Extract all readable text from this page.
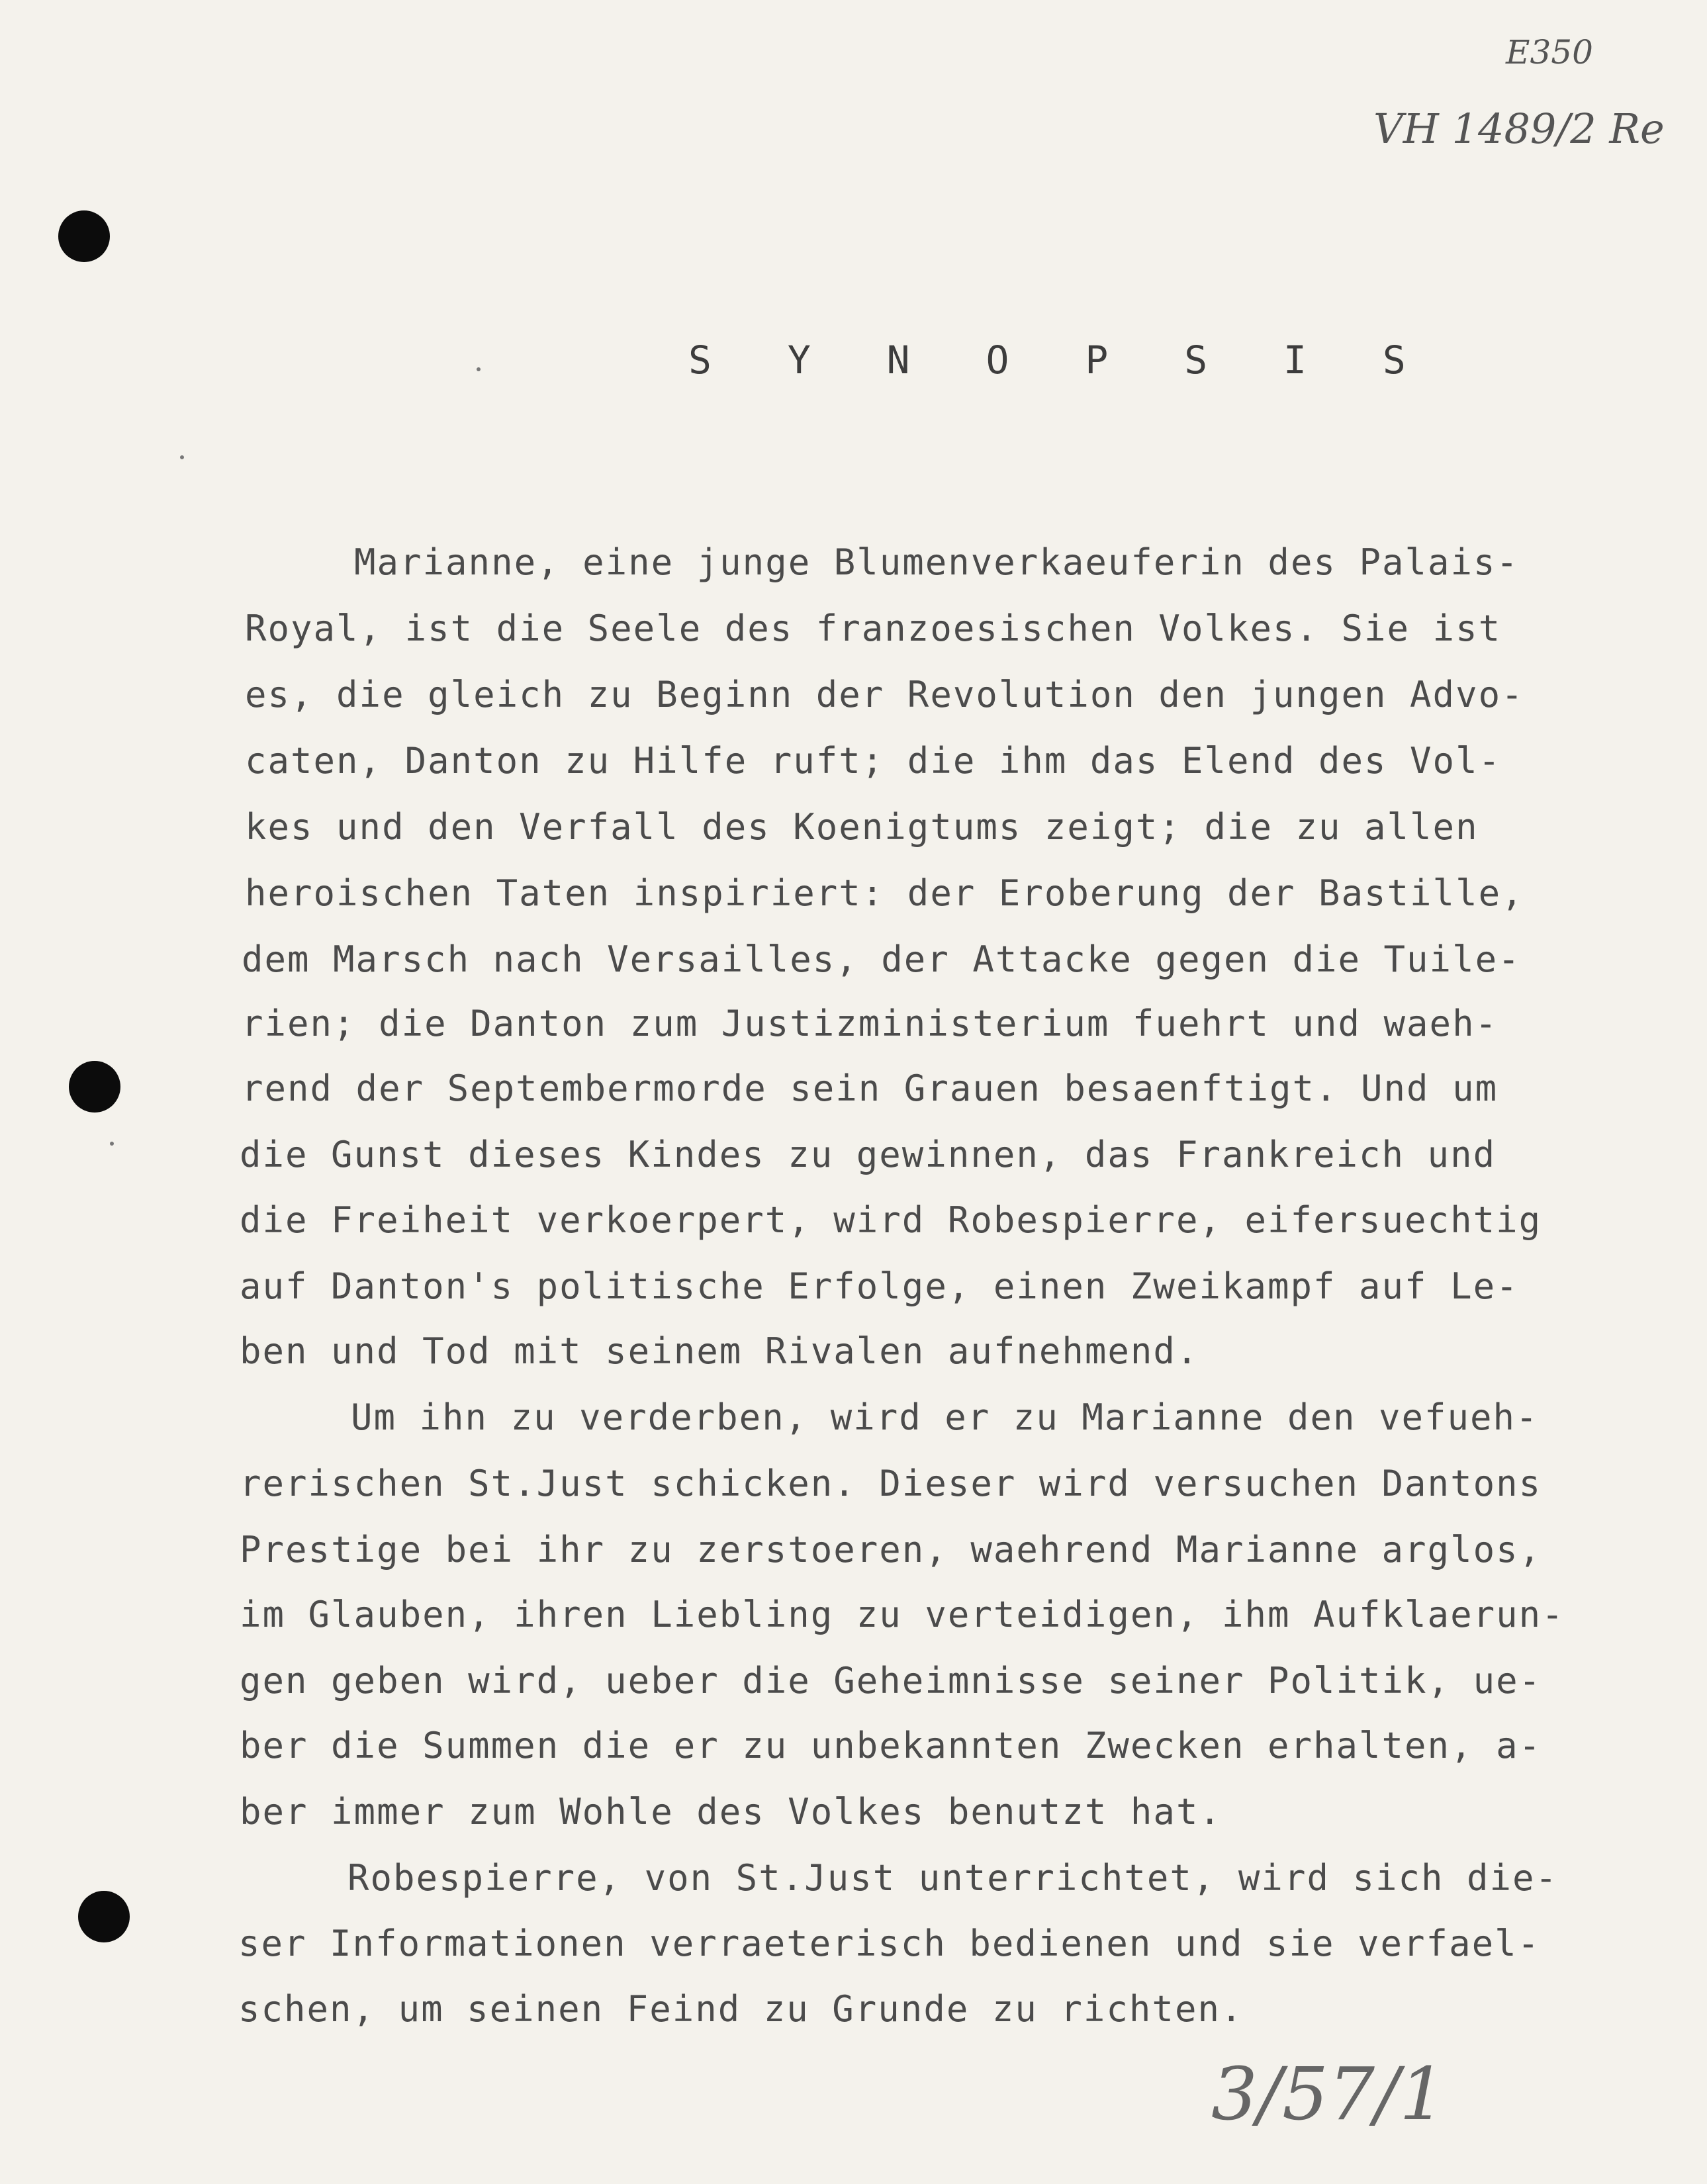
E350
VH 1489/2 Re
S Y N O P S I S
Marianne, eine junge Blumenverkaeuferin des Palais-
Royal, ist die Seele des franzoesischen Volkes. Sie ist
es, die gleich zu Beginn der Revolution den jungen Advo-
caten, Danton zu Hilfe ruft; die ihm das Elend des Vol-
kes und den Verfall des Koenigtums zeigt; die zu allen
heroischen Taten inspiriert: der Eroberung der Bastille,
dem Marsch nach Versailles, der Attacke gegen die Tuile-
rien; die Danton zum Justizministerium fuehrt und waeh-
rend der Septembermorde sein Grauen besaenftigt. Und um
die Gunst dieses Kindes zu gewinnen, das Frankreich und
die Freiheit verkoerpert, wird Robespierre, eifersuechtig
auf Danton's politische Erfolge, einen Zweikampf auf Le-
ben und Tod mit seinem Rivalen aufnehmend.
Um ihn zu verderben, wird er zu Marianne den vefueh-
rerischen St.Just schicken. Dieser wird versuchen Dantons
Prestige bei ihr zu zerstoeren, waehrend Marianne arglos,
im Glauben, ihren Liebling zu verteidigen, ihm Aufklaerun-
gen geben wird, ueber die Geheimnisse seiner Politik, ue-
ber die Summen die er zu unbekannten Zwecken erhalten, a-
ber immer zum Wohle des Volkes benutzt hat.
Robespierre, von St.Just unterrichtet, wird sich die-
ser Informationen verraeterisch bedienen und sie verfael-
schen, um seinen Feind zu Grunde zu richten.
3/57/1
